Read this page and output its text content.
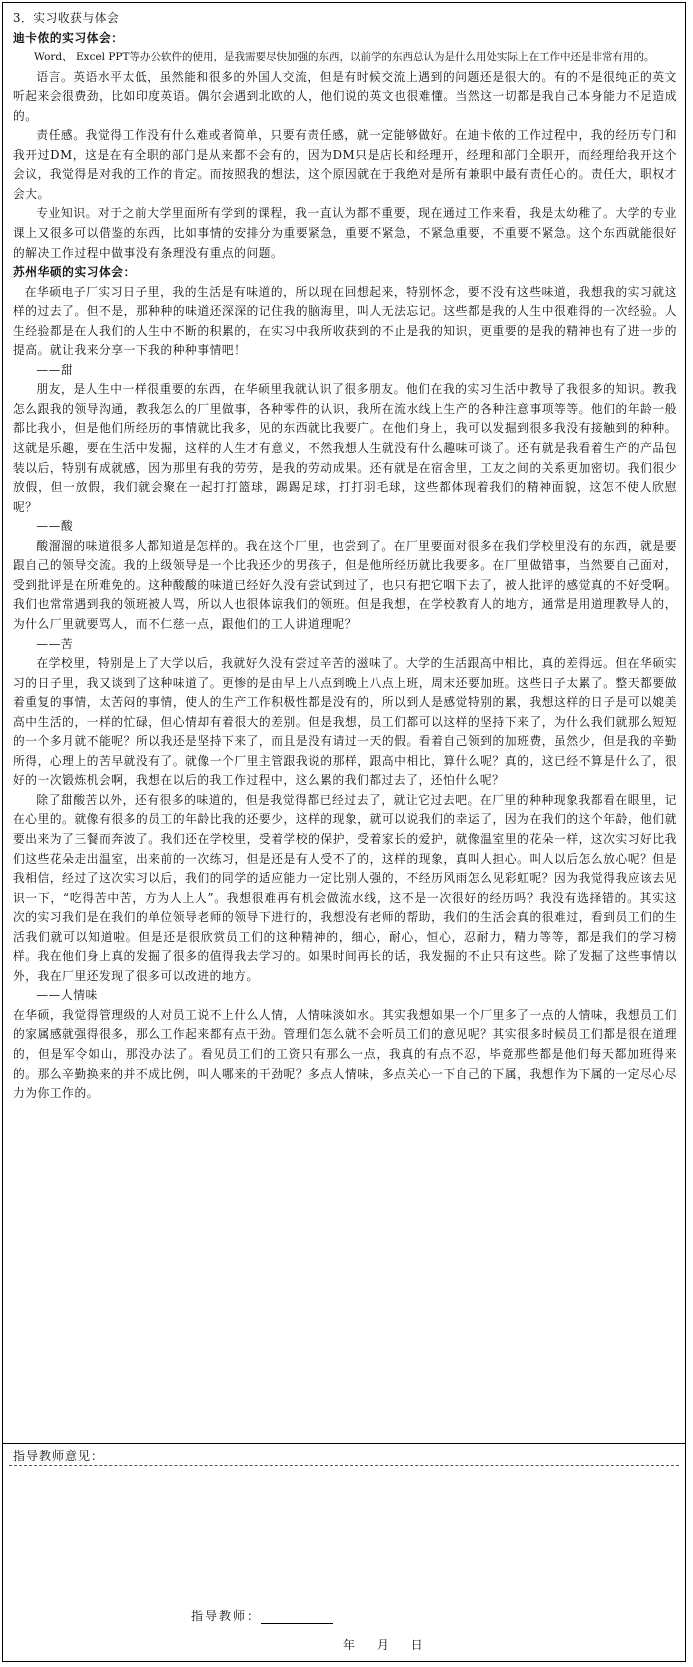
3．实习收获与体会

迪卡侬的实习体会：

Word、 Excel PPT等办公软件的使用，是我需要尽快加强的东西，以前学的东西总认为是什么用处实际上在工作中还是非常有用的。

语言。英语水平太低，虽然能和很多的外国人交流，但是有时候交流上遇到的问题还是很大的。有的不是很纯正的英文听起来会很费劲，比如印度英语。偶尔会遇到北欧的人，他们说的英文也很难懂。当然这一切都是我自己本身能力不足造成的。

责任感。我觉得工作没有什么难或者简单，只要有责任感，就一定能够做好。在迪卡侬的工作过程中，我的经历专门和我开过DM，这是在有全职的部门是从来都不会有的，因为DM只是店长和经理开，经理和部门全职开，而经理给我开这个会议，我觉得是对我的工作的肯定。而按照我的想法，这个原因就在于我绝对是所有兼职中最有责任心的。责任大，职权才会大。

专业知识。对于之前大学里面所有学到的课程，我一直认为都不重要，现在通过工作来看，我是太幼稚了。大学的专业课上又很多可以借鉴的东西，比如事情的安排分为重要紧急，重要不紧急，不紧急重要，不重要不紧急。这个东西就能很好的解决工作过程中做事没有条理没有重点的问题。

苏州华硕的实习体会：

在华硕电子厂实习日子里，我的生活是有味道的，所以现在回想起来，特别怀念，要不没有这些味道，我想我的实习就这样的过去了。但不是，那种种的味道还深深的记住我的脑海里，叫人无法忘记。这些都是我的人生中很难得的一次经验。人生经验都是在人我们的人生中不断的积累的，在实习中我所收获到的不止是我的知识，更重要的是我的精神也有了进一步的提高。就让我来分享一下我的种种事情吧！

——甜

朋友，是人生中一样很重要的东西，在华硕里我就认识了很多朋友。他们在我的实习生活中教导了我很多的知识。教我怎么跟我的领导沟通，教我怎么的厂里做事，各种零件的认识，我所在流水线上生产的各种注意事项等等。他们的年龄一般都比我小，但是他们所经历的事情就比我多，见的东西就比我要广。在他们身上，我可以发掘到很多我没有接触到的种种。这就是乐趣，要在生活中发掘，这样的人生才有意义，不然我想人生就没有什么趣味可谈了。还有就是我看着生产的产品包装以后，特别有成就感，因为那里有我的劳劳，是我的劳动成果。还有就是在宿舍里，工友之间的关系更加密切。我们很少放假，但一放假，我们就会聚在一起打打篮球，踢踢足球，打打羽毛球，这些都体现着我们的精神面貌，这怎不使人欣慰呢？

——酸

酸溜溜的味道很多人都知道是怎样的。我在这个厂里，也尝到了。在厂里要面对很多在我们学校里没有的东西，就是要跟自己的领导交流。我的上级领导是一个比我还少的男孩子，但是他所经历就比我要多。在厂里做错事，当然要自己面对，受到批评是在所难免的。这种酸酸的味道已经好久没有尝试到过了，也只有把它咽下去了，被人批评的感觉真的不好受啊。我们也常常遇到我的领班被人骂，所以人也很体谅我们的领班。但是我想，在学校教育人的地方，通常是用道理教导人的，为什么厂里就要骂人，而不仁慈一点，跟他们的工人讲道理呢？

——苦

在学校里，特别是上了大学以后，我就好久没有尝过辛苦的滋味了。大学的生活跟高中相比，真的差得远。但在华硕实习的日子里，我又谈到了这种味道了。更惨的是由早上八点到晚上八点上班，周末还要加班。这些日子太累了。整天都要做着重复的事情，太苦闷的事情，使人的生产工作积极性都是没有的，所以到人是感觉特别的累，我想这样的日子是可以媲美高中生活的，一样的忙碌，但心情却有着很大的差别。但是我想，员工们都可以这样的坚持下来了，为什么我们就那么短短的一个多月就不能呢？所以我还是坚持下来了，而且是没有请过一天的假。看着自己领到的加班费，虽然少，但是我的辛勤所得，心理上的苦早就没有了。就像一个厂里主管跟我说的那样，跟高中相比，算什么呢？真的，这已经不算是什么了，很好的一次锻炼机会啊，我想在以后的我工作过程中，这么累的我们都过去了，还怕什么呢？

除了甜酸苦以外，还有很多的味道的，但是我觉得都已经过去了，就让它过去吧。在厂里的种种现象我都看在眼里，记在心里的。就像有很多的员工的年龄比我的还要少，这样的现象，就可以说我们的幸运了，因为在我们的这个年龄，他们就要出来为了三餐而奔波了。我们还在学校里，受着学校的保护，受着家长的爱护，就像温室里的花朵一样，这次实习好比我们这些花朵走出温室，出来前的一次练习，但是还是有人受不了的，这样的现象，真叫人担心。叫人以后怎么放心呢？但是我相信，经过了这次实习以后，我们的同学的适应能力一定比别人强的，不经历风雨怎么见彩虹呢？因为我觉得我应该去见识一下，“吃得苦中苦，方为人上人”。我想很难再有机会做流水线，这不是一次很好的经历吗？我没有选择错的。其实这次的实习我们是在我们的单位领导老师的领导下进行的，我想没有老师的帮助，我们的生活会真的很难过，看到员工们的生活我们就可以知道啦。但是还是很欣赏员工们的这种精神的，细心，耐心，恒心，忍耐力，精力等等，都是我们的学习榜样。我在他们身上真的发掘了很多的值得我去学习的。如果时间再长的话，我发掘的不止只有这些。除了发掘了这些事情以外，我在厂里还发现了很多可以改进的地方。

——人情味

在华硕，我觉得管理级的人对员工说不上什么人情，人情味淡如水。其实我想如果一个厂里多了一点的人情味，我想员工们的家属感就强得很多，那么工作起来都有点干劲。管理们怎么就不会听员工们的意见呢？其实很多时候员工们都是很在道理的，但是军令如山，那没办法了。看见员工们的工资只有那么一点，我真的有点不忍，毕竟那些都是他们每天都加班得来的。那么辛勤换来的并不成比例，叫人哪来的干劲呢？多点人情味，多点关心一下自己的下属，我想作为下属的一定尽心尽力为你工作的。

指导教师意见：
指导教师：
年 月 日
